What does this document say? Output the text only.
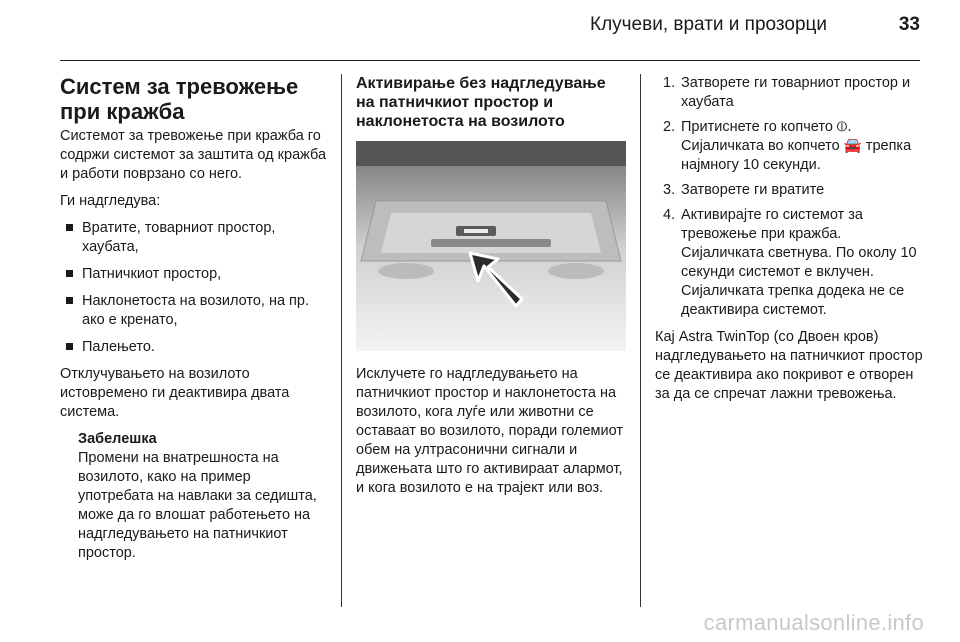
Клучеви, врати и прозорци	33
Систем за тревожење при кражба

Системот за тревожење при кражба го содржи системот за заштита од кражба и работи поврзано со него.

Ги надгледува:

Вратите, товарниот простор, хаубата,
Патничкиот простор,
Наклонетоста на возилото, на пр. ако е кренато,
Палењето.

Отклучувањето на возилото истовремено ги деактивира двата система.

Забелешка
Промени на внатрешноста на возилото, како на пример употребата на навлаки за седишта, може да го влошат работењето на надгледувањето на патничкиот простор.
Активирање без надгледување на патничкиот простор и наклонетоста на возилото

Исклучете го надгледувањето на патничкиот простор и наклонетоста на возилото, кога луѓе или животни се оставаат во возилото, поради големиот обем на ултрасонични сигнали и движењата што го активираат алармот, и кога возилото е на трајект или воз.

1. Затворете ги товарниот простор и хаубата
2. Притиснете го копчето ⦶. Сијаличката во копчето 🚘 трепка најмногу 10 секунди.
3. Затворете ги вратите
4. Активирајте го системот за тревожење при кражба. Сијаличката светнува. По околу 10 секунди системот е вклучен. Сијаличката трепка додека не се деактивира системот.

Кај Astra TwinTop (со Двоен кров) надгледувањето на патничкиот простор се деактивира ако покривот е отворен за да се спречат лажни тревожења.

carmanualsonline.info
